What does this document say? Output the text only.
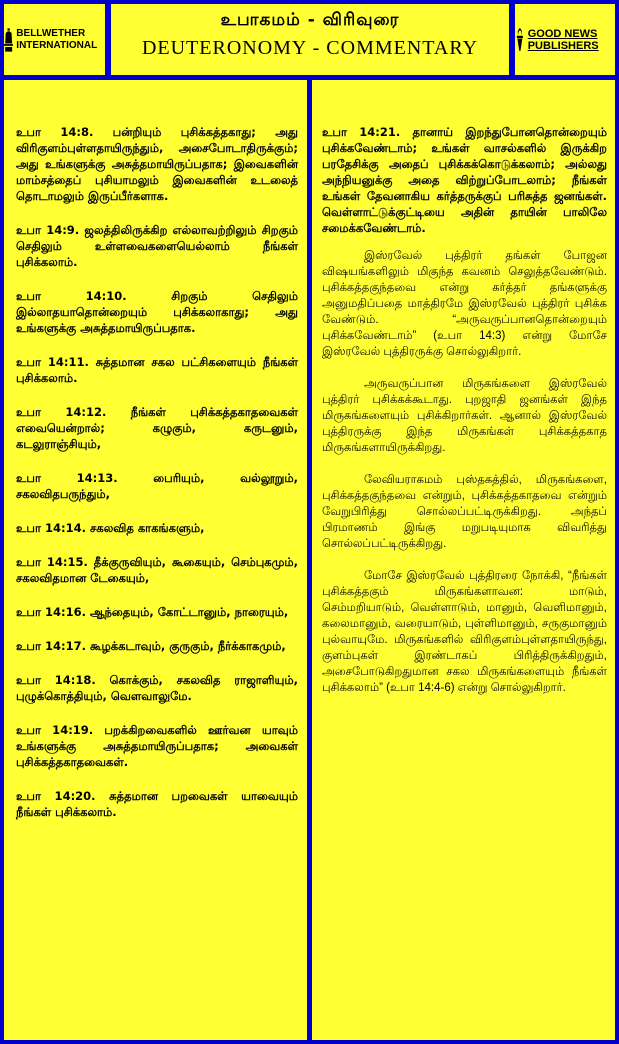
BELLWETHER INTERNATIONAL
உபாகமம் - விரிவுரை
DEUTERONOMY - COMMENTARY
GOOD NEWS PUBLISHERS

உபா 14:8. பன்றியும் புசிக்கத்தகாது; அது விரிகுளம்புள்ளதாயிருந்தும், அசைபோடாதிருக்கும்; அது உங்களுக்கு அசுத்தமாயிருப்பதாக; இவைகளின் மாம்சத்தைப் புசியாமலும் இவைகளின் உடலைத் தொடாமலும் இருப்பீர்களாக.

உபா 14:9. ஜலத்திலிருக்கிற எல்லாவற்றிலும் சிறகும் செதிலும் உள்ளவைகளையெல்லாம் நீங்கள் புசிக்கலாம்.

உபா 14:10. சிறகும் செதிலும் இல்லாதயாதொன்றையும் புசிக்கலாகாது; அது உங்களுக்கு அசுத்தமாயிருப்பதாக.

உபா 14:11. சுத்தமான சகல பட்சிகளையும் நீங்கள் புசிக்கலாம்.

உபா 14:12. நீங்கள் புசிக்கத்தகாதவைகள் எவையென்றால்; கழுகும், கருடனும், கடலுராஞ்சியும்,

உபா 14:13. பைரியும், வல்லூறும், சகலவிதபருந்தும்,

உபா 14:14. சகலவித காகங்களும்,

உபா 14:15. தீக்குருவியும், கூகையும், செம்புகமும், சகலவிதமான டேகையும்,

உபா 14:16. ஆந்தையும், கோட்டானும், நாரையும்,

உபா 14:17. கூழக்கடாவும், குருகும், நீர்க்காகமும்,

உபா 14:18. கொக்கும், சகலவித ராஜாளியும், புழுக்கொத்தியும், வௌவாலுமே.

உபா 14:19. பறக்கிறவைகளில் ஊர்வன யாவும் உங்களுக்கு அசுத்தமாயிருப்பதாக; அவைகள் புசிக்கத்தகாதவைகள்.

உபா 14:20. சுத்தமான பறவைகள் யாவையும் நீங்கள் புசிக்கலாம்.

உபா 14:21. தானாய் இறந்துபோனதொன்றையும் புசிக்கவேண்டாம்; உங்கள் வாசல்களில் இருக்கிற பரதேசிக்கு அதைப் புசிக்கக்கொடுக்கலாம்; அல்லது அந்நியனுக்கு அதை விற்றுப்போடலாம்; நீங்கள் உங்கள் தேவனாகிய கர்த்தருக்குப் பரிசுத்த ஜனங்கள். வெள்ளாட்டுக்குட்டியை அதின் தாயின் பாலிலே சமைக்கவேண்டாம்.

இஸ்ரவேல் புத்திரர் தங்கள் போஜன விஷயங்களிலும் மிகுந்த கவனம் செலுத்தவேண்டும். புசிக்கத்தகுந்தவை என்று கர்த்தர் தங்களுக்கு அனுமதிப்பதை மாத்திரமே இஸ்ரவேல் புத்திரர் புசிக்க வேண்டும். “அருவருப்பானதொன்றையும் புசிக்கவேண்டாம்” (உபா 14:3) என்று மோசே இஸ்ரவேல் புத்திரருக்கு சொல்லுகிறார்.

அருவருப்பான மிருகங்களை இஸ்ரவேல் புத்திரர் புசிக்கக்கூடாது. புறஜாதி ஜனங்கள் இந்த மிருகங்களையும் புசிக்கிறார்கள். ஆனால் இஸ்ரவேல் புத்திரருக்கு இந்த மிருகங்கள் புசிக்கத்தகாத மிருகங்களாயிருக்கிறது.

லேவியராகமம் புஸ்தகத்தில், மிருகங்களை, புசிக்கத்தகுந்தவை என்றும், புசிக்கத்தகாதவை என்றும் வேறுபிரித்து சொல்லப்பட்டிருக்கிறது. அந்தப் பிரமாணம் இங்கு மறுபடியுமாக விவரித்து சொல்லப்பட்டிருக்கிறது.

மோசே இஸ்ரவேல் புத்திரரை நோக்கி, “நீங்கள் புசிக்கத்தகும் மிருகங்களாவன: மாடும், செம்மறியாடும், வெள்ளாடும், மானும், வெளிமானும், கலைமானும், வரையாடும், புள்ளிமானும், சருகுமானும் புல்வாயுமே. மிருகங்களில் விரிகுளம்புள்ளதாயிருந்து, குளம்புகள் இரண்டாகப் பிரித்திருக்கிறதும், அசைபோடுகிறதுமான சகல மிருகங்களையும் நீங்கள் புசிக்கலாம்” (உபா 14:4-6) என்று சொல்லுகிறார்.
